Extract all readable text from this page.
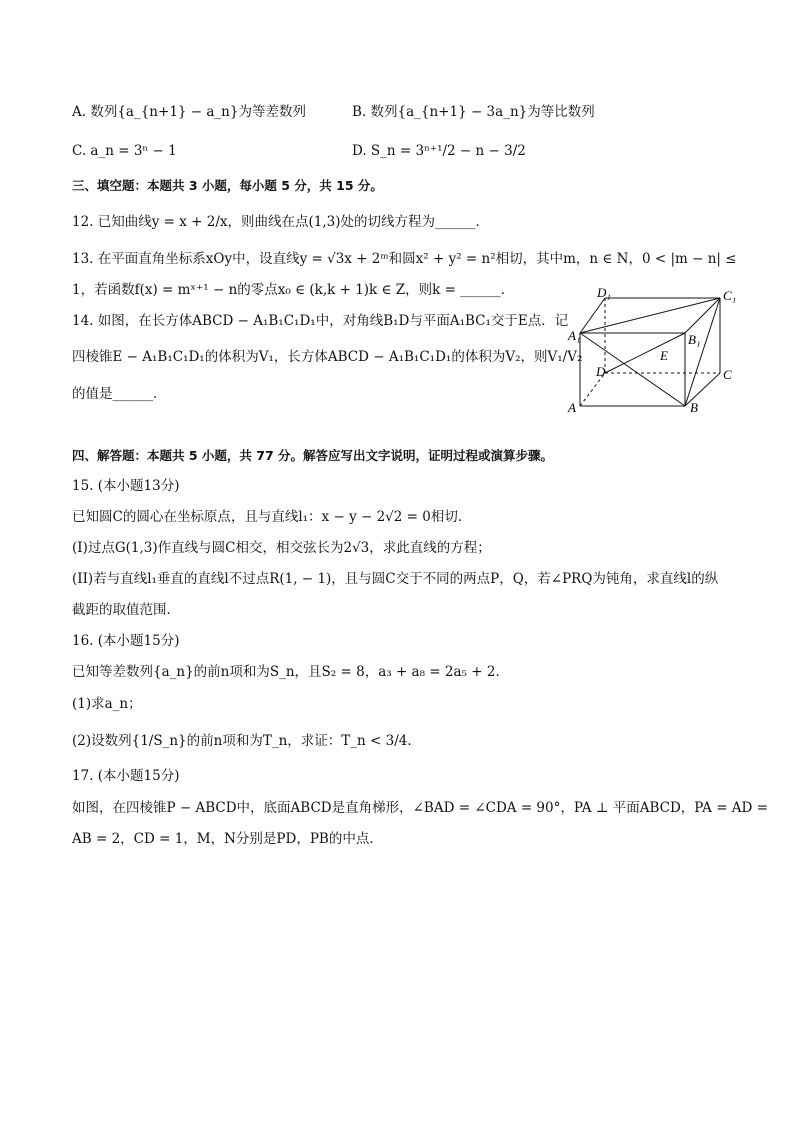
A. 数列{a_{n+1} − a_n}为等差数列	B. 数列{a_{n+1} − 3a_n}为等比数列
C. a_n = 3ⁿ − 1	D. S_n = 3ⁿ⁺¹/2 − n − 3/2
三、填空题：本题共 3 小题，每小题 5 分，共 15 分。
12. 已知曲线y = x + 2/x，则曲线在点(1,3)处的切线方程为______．
13. 在平面直角坐标系xOy中，设直线y = √3x + 2ᵐ和圆x² + y² = n²相切，其中m，n ∈ N，0 < |m − n| ≤
1，若函数f(x) = mˣ⁺¹ − n的零点x₀ ∈ (k,k + 1)k ∈ Z，则k = ______．
14. 如图，在长方体ABCD − A₁B₁C₁D₁中，对角线B₁D与平面A₁BC₁交于E点．记
四棱锥E − A₁B₁C₁D₁的体积为V₁，长方体ABCD − A₁B₁C₁D₁的体积为V₂，则V₁/V₂
的值是______．
D₁	C₁
A₁	B₁
E
D	C
A	B
四、解答题：本题共 5 小题，共 77 分。解答应写出文字说明，证明过程或演算步骤。
15. (本小题13分)
已知圆C的圆心在坐标原点，且与直线l₁：x − y − 2√2 = 0相切．
(I)过点G(1,3)作直线与圆C相交，相交弦长为2√3，求此直线的方程；
(II)若与直线l₁垂直的直线l不过点R(1, − 1)，且与圆C交于不同的两点P，Q，若∠PRQ为钝角，求直线l的纵
截距的取值范围．
16. (本小题15分)
已知等差数列{a_n}的前n项和为S_n，且S₂ = 8，a₃ + a₈ = 2a₅ + 2．
(1)求a_n；
(2)设数列{1/S_n}的前n项和为T_n，求证：T_n < 3/4．
17. (本小题15分)
如图，在四棱锥P − ABCD中，底面ABCD是直角梯形，∠BAD = ∠CDA = 90°，PA ⊥ 平面ABCD，PA = AD =
AB = 2，CD = 1，M，N分别是PD，PB的中点．
